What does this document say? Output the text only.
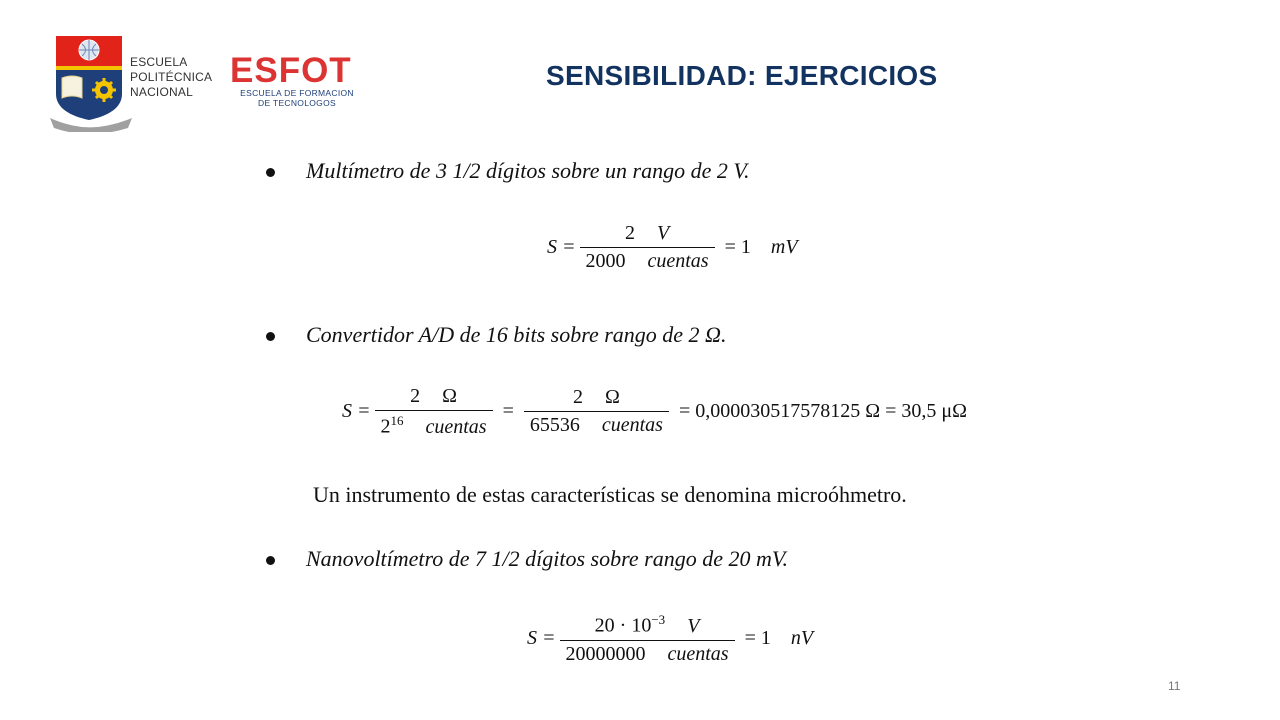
ESCUELA
POLITÉCNICA
NACIONAL
ESFOT
ESCUELA DE FORMACION
DE TECNOLOGOS
SENSIBILIDAD: EJERCICIOS
Multímetro de 3 1/2 dígitos sobre un rango de 2 V.
$S = \frac{2 V}{\text{2000 cuentas}} = 1$ mV
Convertidor A/D de 16 bits sobre rango de 2 Ω.
$S = \frac{2 \Omega}{2^{16} cuentas} = \frac{2 \Omega}{\text{65536 cuentas}} = 0,000030517578125$ Ω = 30,5 μΩ
Un instrumento de estas características se denomina microóhmetro.
Nanovoltímetro de 7 1/2 dígitos sobre rango de 20 mV.
$S = \frac{20 \cdot 10^{-3} V}{\text{20000000 cuentas}} = 1$ nV
11
